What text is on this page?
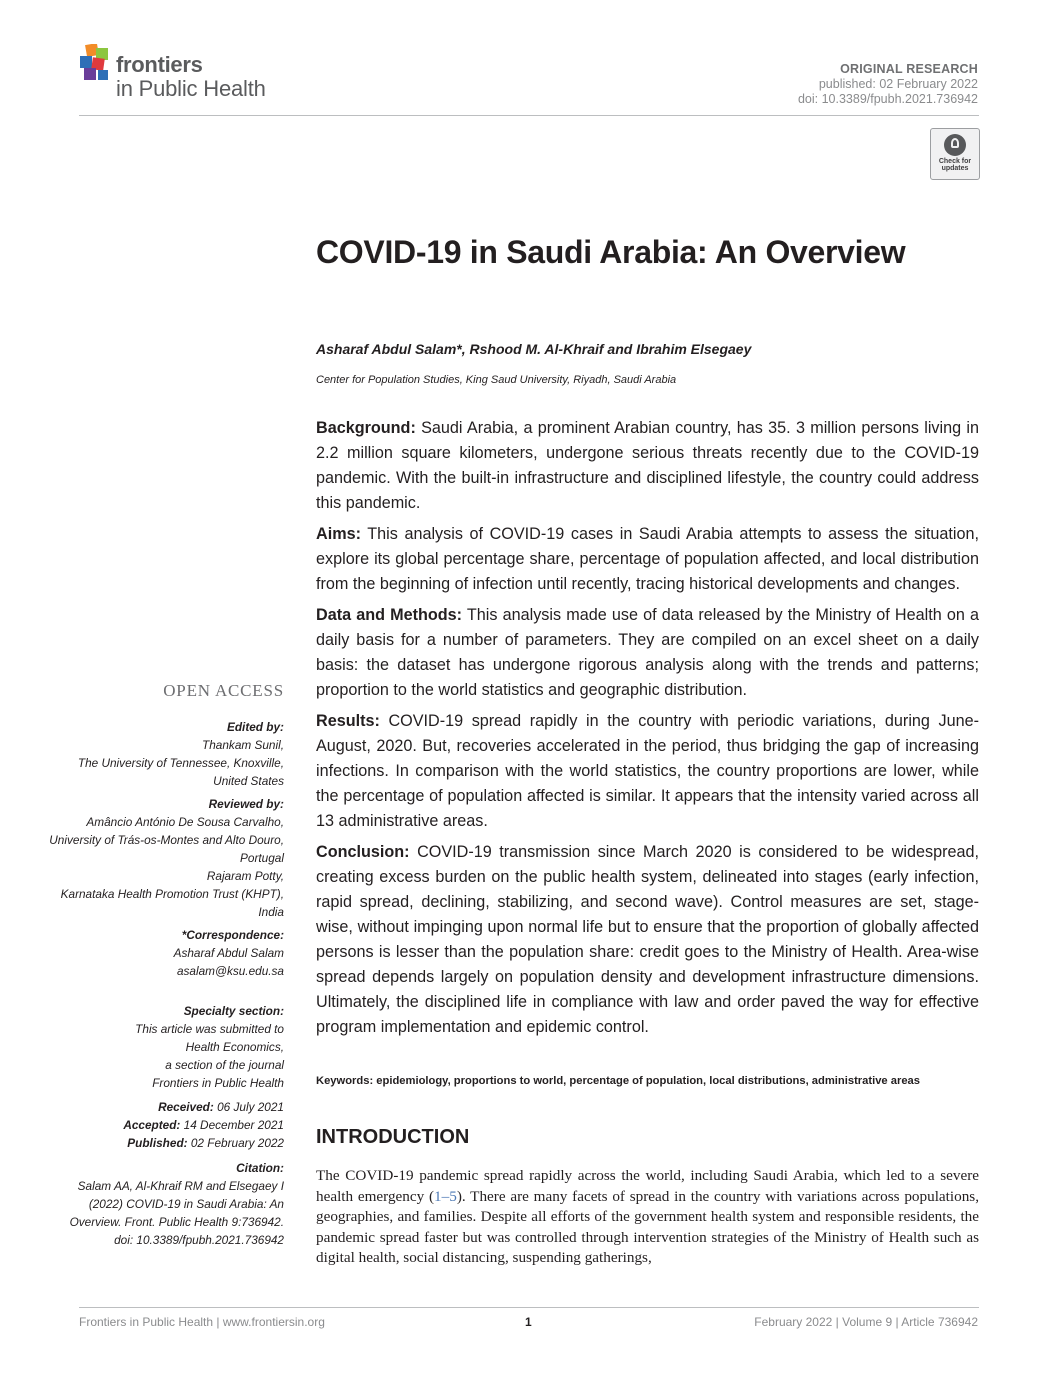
frontiers
in Public Health
ORIGINAL RESEARCH
published: 02 February 2022
doi: 10.3389/fpubh.2021.736942
Check for
updates
COVID-19 in Saudi Arabia: An Overview
Asharaf Abdul Salam*, Rshood M. Al-Khraif and Ibrahim Elsegaey
Center for Population Studies, King Saud University, Riyadh, Saudi Arabia

Background: Saudi Arabia, a prominent Arabian country, has 35. 3 million persons living in 2.2 million square kilometers, undergone serious threats recently due to the COVID-19 pandemic. With the built-in infrastructure and disciplined lifestyle, the country could address this pandemic.

Aims: This analysis of COVID-19 cases in Saudi Arabia attempts to assess the situation, explore its global percentage share, percentage of population affected, and local distribution from the beginning of infection until recently, tracing historical developments and changes.

Data and Methods: This analysis made use of data released by the Ministry of Health on a daily basis for a number of parameters. They are compiled on an excel sheet on a daily basis: the dataset has undergone rigorous analysis along with the trends and patterns; proportion to the world statistics and geographic distribution.

Results: COVID-19 spread rapidly in the country with periodic variations, during June-August, 2020. But, recoveries accelerated in the period, thus bridging the gap of increasing infections. In comparison with the world statistics, the country proportions are lower, while the percentage of population affected is similar. It appears that the intensity varied across all 13 administrative areas.

Conclusion: COVID-19 transmission since March 2020 is considered to be widespread, creating excess burden on the public health system, delineated into stages (early infection, rapid spread, declining, stabilizing, and second wave). Control measures are set, stage-wise, without impinging upon normal life but to ensure that the proportion of globally affected persons is lesser than the population share: credit goes to the Ministry of Health. Area-wise spread depends largely on population density and development infrastructure dimensions. Ultimately, the disciplined life in compliance with law and order paved the way for effective program implementation and epidemic control.

Keywords: epidemiology, proportions to world, percentage of population, local distributions, administrative areas
INTRODUCTION
The COVID-19 pandemic spread rapidly across the world, including Saudi Arabia, which led to a severe health emergency (1–5). There are many facets of spread in the country with variations across populations, geographies, and families. Despite all efforts of the government health system and responsible residents, the pandemic spread faster but was controlled through intervention strategies of the Ministry of Health such as digital health, social distancing, suspending gatherings,
OPEN ACCESS
Edited by:
Thankam Sunil,
The University of Tennessee, Knoxville, United States
Reviewed by:
Amâncio António De Sousa Carvalho,
University of Trás-os-Montes and Alto Douro, Portugal
Rajaram Potty,
Karnataka Health Promotion Trust (KHPT), India
*Correspondence:
Asharaf Abdul Salam
asalam@ksu.edu.sa
Specialty section:
This article was submitted to
Health Economics,
a section of the journal
Frontiers in Public Health
Received: 06 July 2021
Accepted: 14 December 2021
Published: 02 February 2022
Citation:
Salam AA, Al-Khraif RM and Elsegaey I (2022) COVID-19 in Saudi Arabia: An Overview. Front. Public Health 9:736942. doi: 10.3389/fpubh.2021.736942
Frontiers in Public Health | www.frontiersin.org	1	February 2022 | Volume 9 | Article 736942
